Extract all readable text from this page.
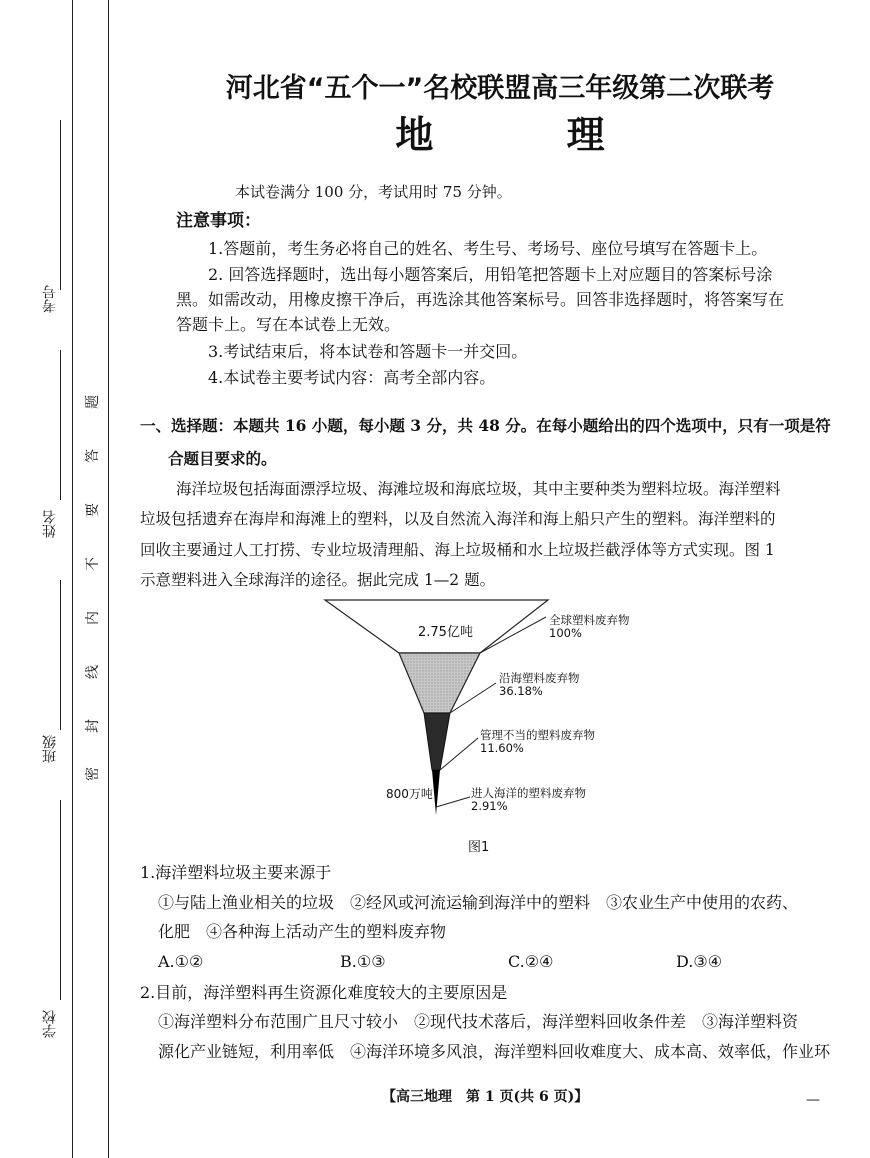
考号
姓名
班级
学校
题
答
要
不
内
线
封
密
河北省“五个一”名校联盟高三年级第二次联考
地 理
本试卷满分 100 分，考试用时 75 分钟。
注意事项：
1.答题前，考生务必将自己的姓名、考生号、考场号、座位号填写在答题卡上。
2. 回答选择题时，选出每小题答案后，用铅笔把答题卡上对应题目的答案标号涂
黑。如需改动，用橡皮擦干净后，再选涂其他答案标号。回答非选择题时，将答案写在
答题卡上。写在本试卷上无效。
3.考试结束后，将本试卷和答题卡一并交回。
4.本试卷主要考试内容：高考全部内容。
一、选择题：本题共 16 小题，每小题 3 分，共 48 分。在每小题给出的四个选项中，只有一项是符
合题目要求的。
海洋垃圾包括海面漂浮垃圾、海滩垃圾和海底垃圾，其中主要种类为塑料垃圾。海洋塑料
垃圾包括遗弃在海岸和海滩上的塑料，以及自然流入海洋和海上船只产生的塑料。海洋塑料的
回收主要通过人工打捞、专业垃圾清理船、海上垃圾桶和水上垃圾拦截浮体等方式实现。图 1
示意塑料进入全球海洋的途径。据此完成 1—2 题。
2.75亿吨
800万吨
全球塑料废弃物
100%
沿海塑料废弃物
36.18%
管理不当的塑料废弃物
11.60%
进人海洋的塑料废弃物
2.91%
图1
1.海洋塑料垃圾主要来源于
①与陆上渔业相关的垃圾　②经风或河流运输到海洋中的塑料　③农业生产中使用的农药、
化肥　④各种海上活动产生的塑料废弃物
A.①②	B.①③	C.②④	D.③④
2.目前，海洋塑料再生资源化难度较大的主要原因是
①海洋塑料分布范围广且尺寸较小　②现代技术落后，海洋塑料回收条件差　③海洋塑料资
源化产业链短，利用率低　④海洋环境多风浪，海洋塑料回收难度大、成本高、效率低，作业环
【高三地理　第 1 页(共 6 页)】	—
